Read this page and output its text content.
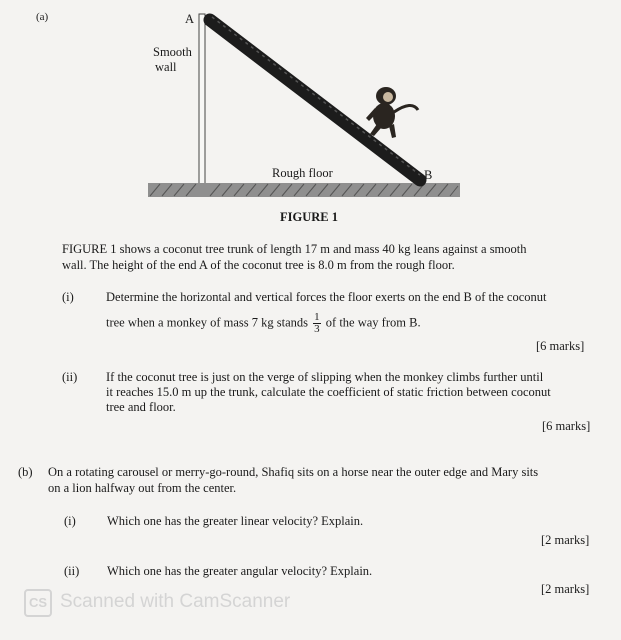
(a)	A
Smooth
wall
Rough floor	B
FIGURE 1
FIGURE 1 shows a coconut tree trunk of length 17 m and mass 40 kg leans against a smooth
wall. The height of the end A of the coconut tree is 8.0 m from the rough floor.
(i)	Determine the horizontal and vertical forces the floor exerts on the end B of the coconut
tree when a monkey of mass 7 kg stands $\frac{1}{3}$ of the way from B.
[6 marks]
(ii) If the coconut tree is just on the verge of slipping when the monkey climbs further until
it reaches 15.0 m up the trunk, calculate the coefficient of static friction between coconut
tree and floor.
[6 marks]
(b) On a rotating carousel or merry-go-round, Shafiq sits on a horse near the outer edge and Mary sits
on a lion halfway out from the center.
(i) Which one has the greater linear velocity? Explain.
[2 marks]
(ii) Which one has the greater angular velocity? Explain.
[2 marks]
CS Scanned with CamScanner
